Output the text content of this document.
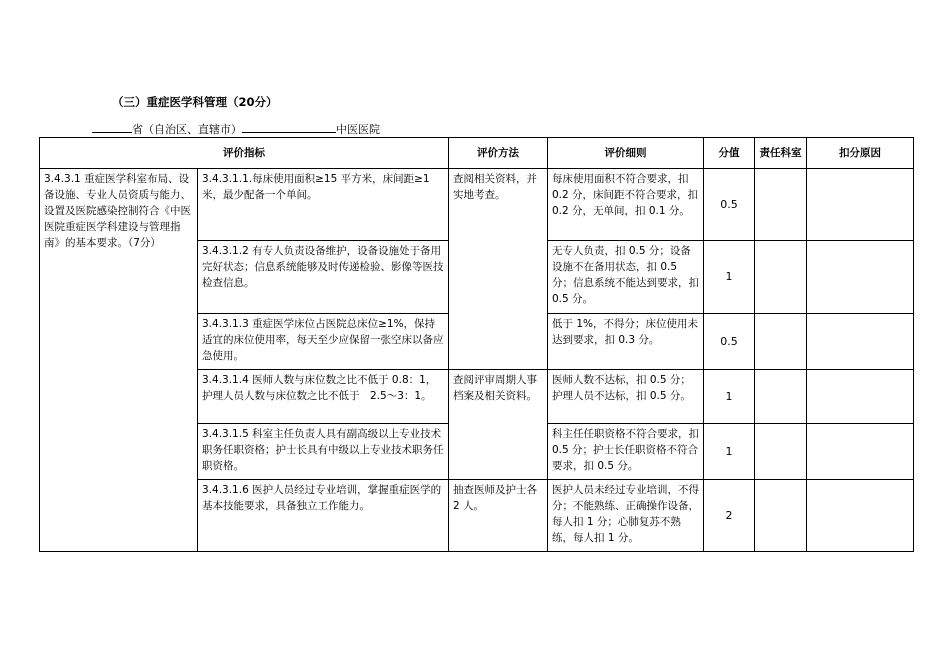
（三）重症医学科管理（20分）
省（自治区、直辖市）	中医医院
评价指标		评价方法	评价细则	分值	责任科室	扣分原因
3.4.3.1 重症医学科室布局、设备设施、专业人员资质与能力、设置及医院感染控制符合《中医医院重症医学科建设与管理指南》的基本要求。（7分）	3.4.3.1.1.每床使用面积≥15 平方米，床间距≥1 米，最少配备一个单间。	查阅相关资料，并实地考查。	每床使用面积不符合要求，扣 0.2 分，床间距不符合要求，扣 0.2 分，无单间，扣 0.1 分。	0.5		
	3.4.3.1.2 有专人负责设备维护，设备设施处于备用完好状态；信息系统能够及时传递检验、影像等医技检查信息。		无专人负责，扣 0.5 分；设备设施不在备用状态，扣 0.5 分；信息系统不能达到要求，扣 0.5 分。	1		
	3.4.3.1.3 重症医学床位占医院总床位≥1%，保持适宜的床位使用率，每天至少应保留一张空床以备应急使用。		低于 1%，不得分；床位使用未达到要求，扣 0.3 分。	0.5		
	3.4.3.1.4 医师人数与床位数之比不低于 0.8：1，护理人员人数与床位数之比不低于　2.5～3：1。	查阅评审周期人事档案及相关资料。	医师人数不达标，扣 0.5 分；护理人员不达标，扣 0.5 分。	1		
	3.4.3.1.5 科室主任负责人具有副高级以上专业技术职务任职资格；护士长具有中级以上专业技术职务任职资格。		科主任任职资格不符合要求，扣 0.5 分；护士长任职资格不符合要求，扣 0.5 分。	1		
	3.4.3.1.6 医护人员经过专业培训，掌握重症医学的基本技能要求，具备独立工作能力。	抽查医师及护士各 2 人。	医护人员未经过专业培训，不得分；不能熟练、正确操作设备，每人扣 1 分；心肺复苏不熟练，每人扣 1 分。	2		
